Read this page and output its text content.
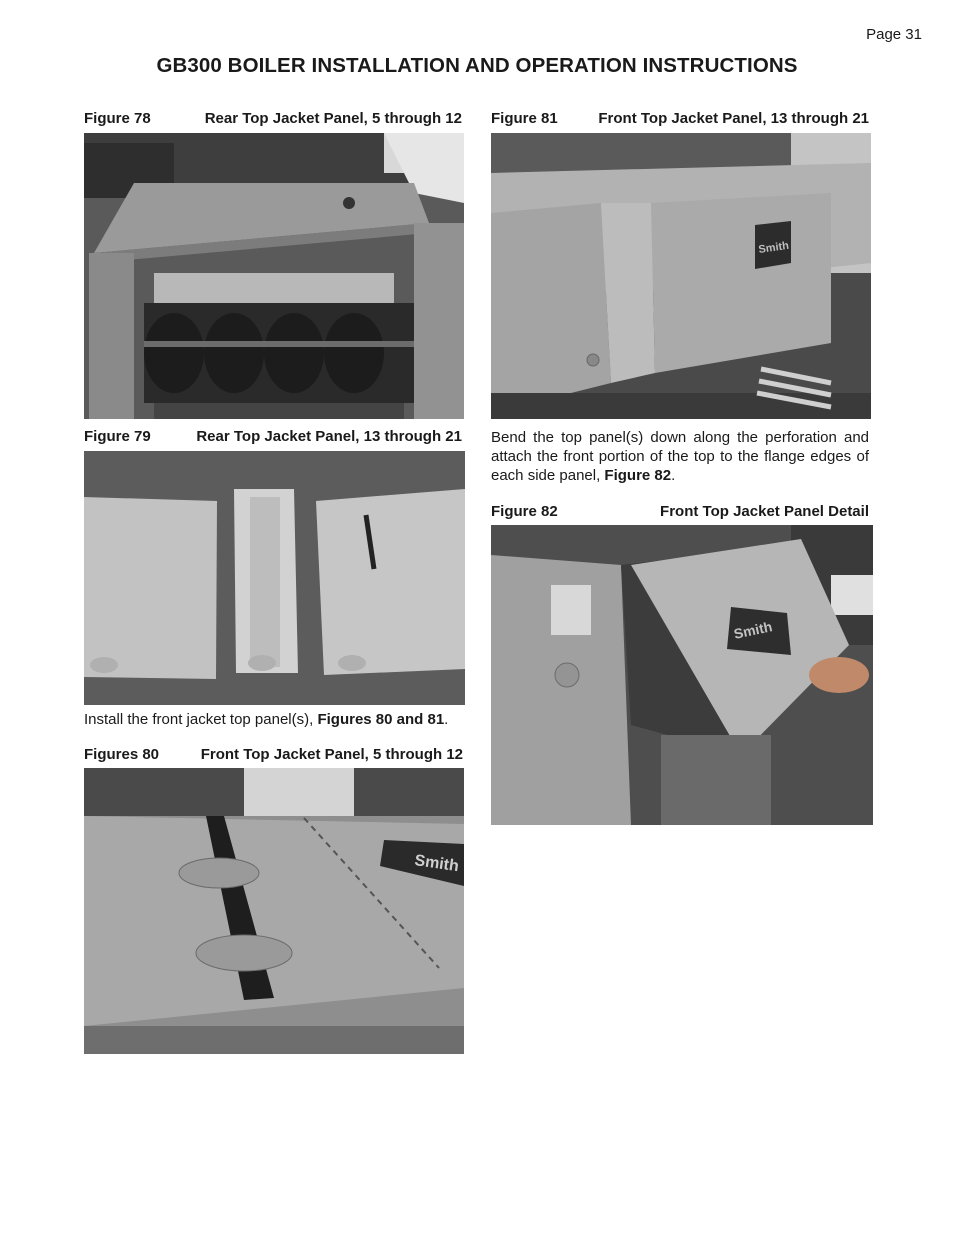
Page 31
GB300 BOILER INSTALLATION AND OPERATION INSTRUCTIONS
Figure 78	Rear Top Jacket Panel, 5 through 12
Figure 79	Rear Top Jacket Panel, 13 through 21

Install the front jacket top panel(s), Figures 80 and 81.

Figures 80	Front Top Jacket Panel, 5 through 12
Smith
Figure 81	Front Top Jacket Panel, 13 through 21
Smith

Bend the top panel(s) down along the perforation and attach the front portion of the top to the flange edges of each side panel, Figure 82.

Figure 82	Front Top Jacket Panel Detail
Smith
